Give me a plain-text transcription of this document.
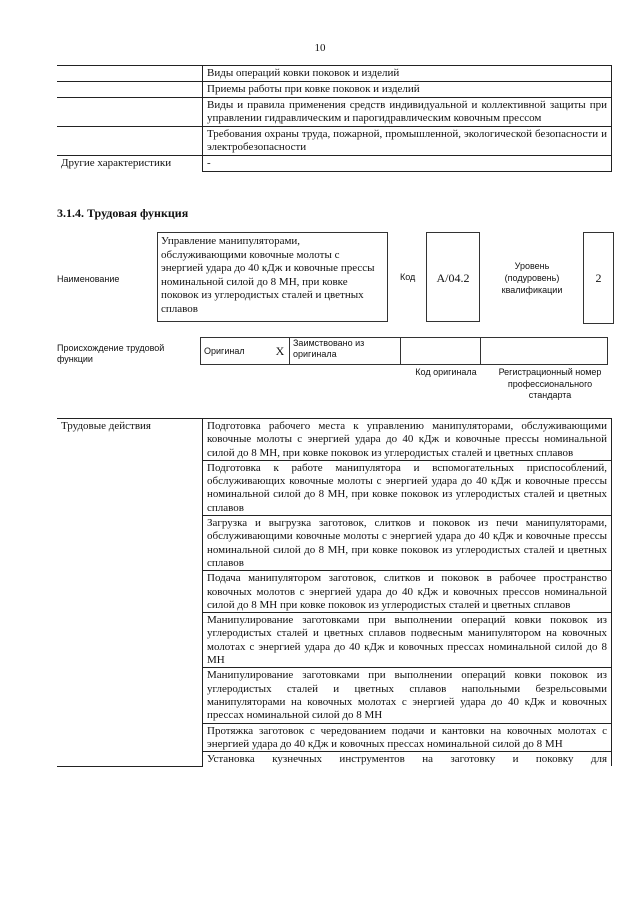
10
	Виды операций ковки поковок и изделий
	Приемы работы при ковке поковок и изделий
	Виды и правила применения средств индивидуальной и коллективной защиты при управлении гидравлическим и парогидравлическим ковочным прессом
	Требования охраны труда, пожарной, промышленной, экологической безопасности и электробезопасности
Другие характеристики	-
3.1.4. Трудовая функция
Наименование
Управление манипуляторами, обслуживающими ковочные молоты с энергией удара до 40 кДж и ковочные прессы номинальной силой до 8 МН, при ковке поковок из углеродистых сталей и цветных сплавов
Код	A/04.2
Уровень (подуровень) квалификации
2
Происхождение трудовой функции
Оригинал	X	Заимствовано из оригинала		
Код оригинала	Регистрационный номер профессионального стандарта
Трудовые действия	Подготовка рабочего места к управлению манипуляторами, обслуживающими ковочные молоты с энергией удара до 40 кДж и ковочные прессы номинальной силой до 8 МН, при ковке поковок из углеродистых сталей и цветных сплавов
Подготовка к работе манипулятора и вспомогательных приспособлений, обслуживающих ковочные молоты с энергией удара до 40 кДж и ковочные прессы номинальной силой до 8 МН, при ковке поковок из углеродистых сталей и цветных сплавов
Загрузка и выгрузка заготовок, слитков и поковок из печи манипуляторами, обслуживающими ковочные молоты с энергией удара до 40 кДж и ковочные прессы номинальной силой до 8 МН, при ковке поковок из углеродистых сталей и цветных сплавов
Подача манипулятором заготовок, слитков и поковок в рабочее пространство ковочных молотов с энергией удара до 40 кДж и ковочных прессов номинальной силой до 8 МН при ковке поковок из углеродистых сталей и цветных сплавов
Манипулирование заготовками при выполнении операций ковки поковок из углеродистых сталей и цветных сплавов подвесным манипулятором на ковочных молотах с энергией удара до 40 кДж и ковочных прессах номинальной силой до 8 МН
Манипулирование заготовками при выполнении операций ковки поковок из углеродистых сталей и цветных сплавов напольными безрельсовыми манипуляторами на ковочных молотах с энергией удара до 40 кДж и ковочных прессах номинальной силой до 8 МН
Протяжка заготовок с чередованием подачи и кантовки на ковочных молотах с энергией удара до 40 кДж и ковочных прессах номинальной силой до 8 МН
Установка кузнечных инструментов на заготовку и поковку для
